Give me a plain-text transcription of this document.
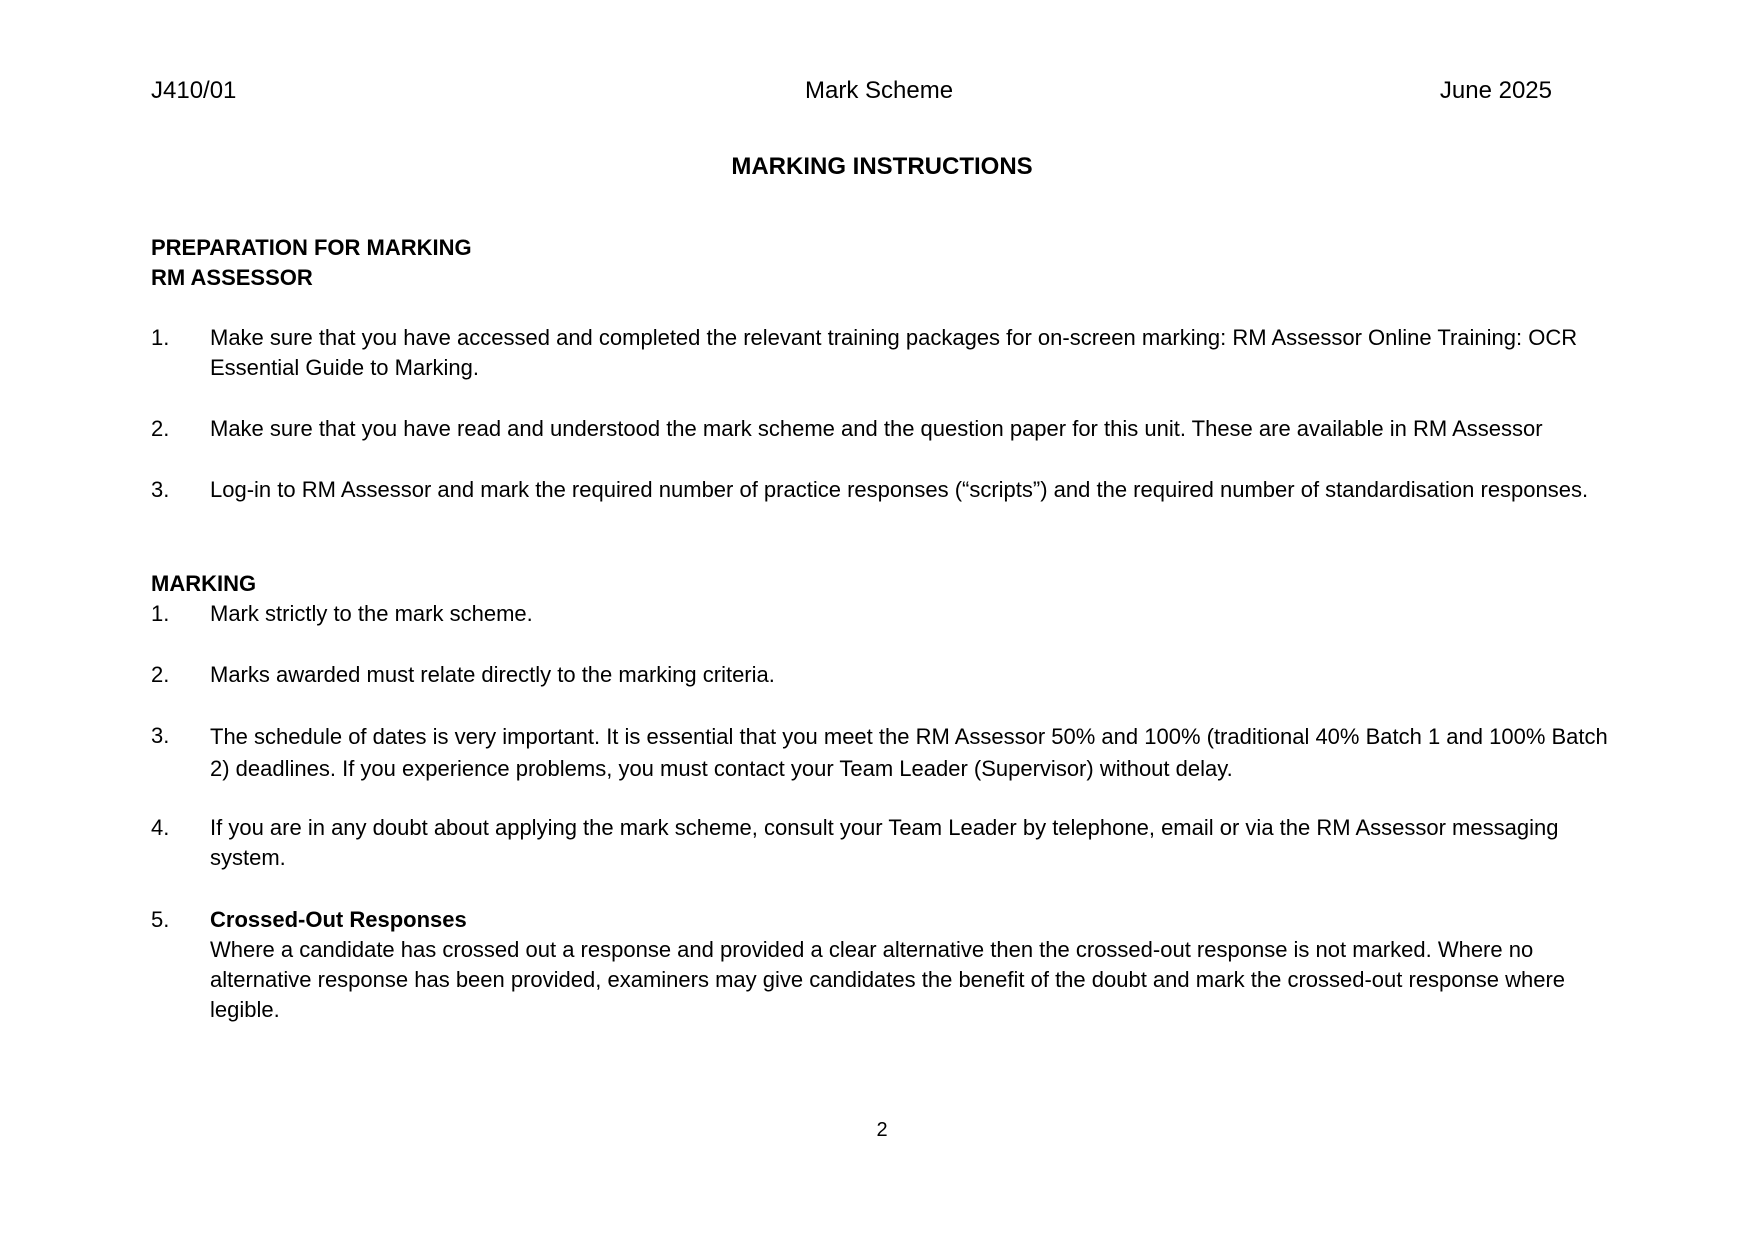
J410/01	Mark Scheme	June 2025
MARKING INSTRUCTIONS
PREPARATION FOR MARKING
RM ASSESSOR
1.	Make sure that you have accessed and completed the relevant training packages for on-screen marking: RM Assessor Online Training: OCR Essential Guide to Marking.
2.	Make sure that you have read and understood the mark scheme and the question paper for this unit. These are available in RM Assessor
3.	Log-in to RM Assessor and mark the required number of practice responses (“scripts”) and the required number of standardisation responses.
MARKING
1.	Mark strictly to the mark scheme.
2.	Marks awarded must relate directly to the marking criteria.
3.	The schedule of dates is very important. It is essential that you meet the RM Assessor 50% and 100% (traditional 40% Batch 1 and 100% Batch 2) deadlines. If you experience problems, you must contact your Team Leader (Supervisor) without delay.
4.	If you are in any doubt about applying the mark scheme, consult your Team Leader by telephone, email or via the RM Assessor messaging system.
5.	Crossed-Out Responses
Where a candidate has crossed out a response and provided a clear alternative then the crossed-out response is not marked. Where no alternative response has been provided, examiners may give candidates the benefit of the doubt and mark the crossed-out response where legible.
2
